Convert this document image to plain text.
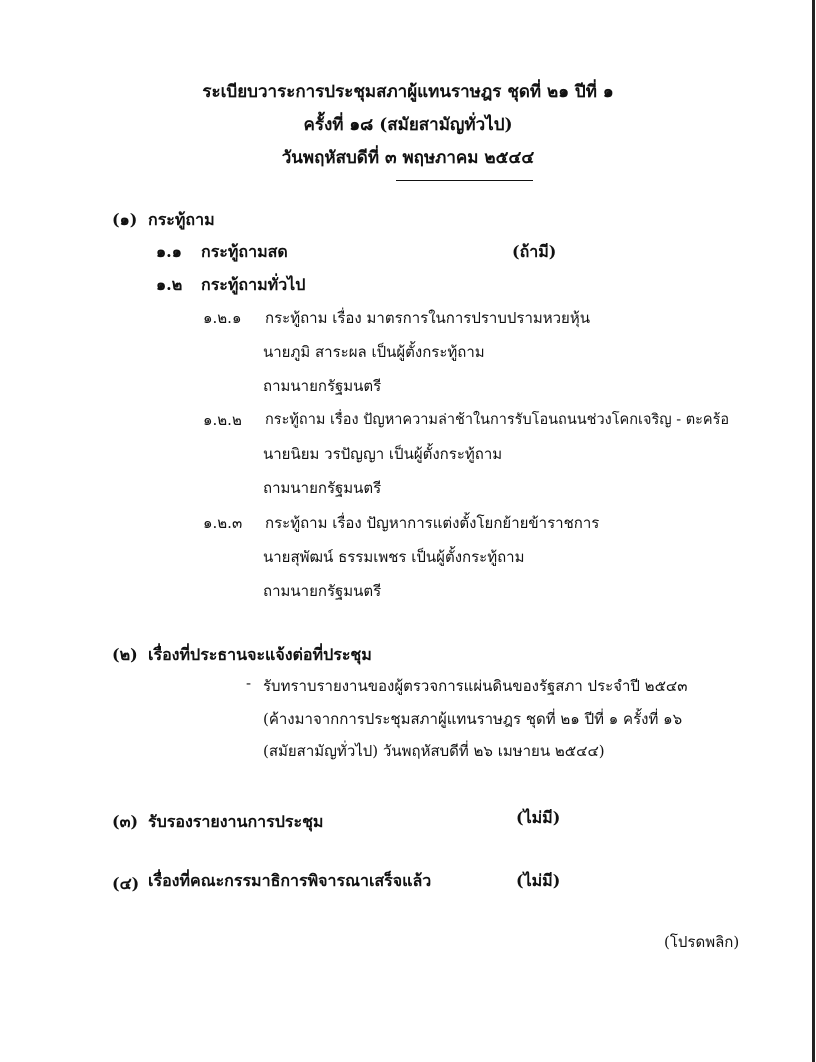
ระเบียบวาระการประชุมสภาผู้แทนราษฎร ชุดที่ ๒๑ ปีที่ ๑
ครั้งที่ ๑๘ (สมัยสามัญทั่วไป)
วันพฤหัสบดีที่ ๓ พฤษภาคม ๒๕๔๔
(๑) กระทู้ถาม
๑.๑ กระทู้ถามสด	(ถ้ามี)
๑.๒ กระทู้ถามทั่วไป
๑.๒.๑ กระทู้ถาม เรื่อง มาตรการในการปราบปรามหวยหุ้น
นายภูมิ สาระผล เป็นผู้ตั้งกระทู้ถาม
ถามนายกรัฐมนตรี
๑.๒.๒ กระทู้ถาม เรื่อง ปัญหาความล่าช้าในการรับโอนถนนช่วงโคกเจริญ - ตะคร้อ
นายนิยม วรปัญญา เป็นผู้ตั้งกระทู้ถาม
ถามนายกรัฐมนตรี
๑.๒.๓ กระทู้ถาม เรื่อง ปัญหาการแต่งตั้งโยกย้ายข้าราชการ
นายสุพัฒน์ ธรรมเพชร เป็นผู้ตั้งกระทู้ถาม
ถามนายกรัฐมนตรี
(๒) เรื่องที่ประธานจะแจ้งต่อที่ประชุม
- รับทราบรายงานของผู้ตรวจการแผ่นดินของรัฐสภา ประจำปี ๒๕๔๓
(ค้างมาจากการประชุมสภาผู้แทนราษฎร ชุดที่ ๒๑ ปีที่ ๑ ครั้งที่ ๑๖
(สมัยสามัญทั่วไป) วันพฤหัสบดีที่ ๒๖ เมษายน ๒๕๔๔)
(๓) รับรองรายงานการประชุม	(ไม่มี)
(๔) เรื่องที่คณะกรรมาธิการพิจารณาเสร็จแล้ว	(ไม่มี)
(โปรดพลิก)
